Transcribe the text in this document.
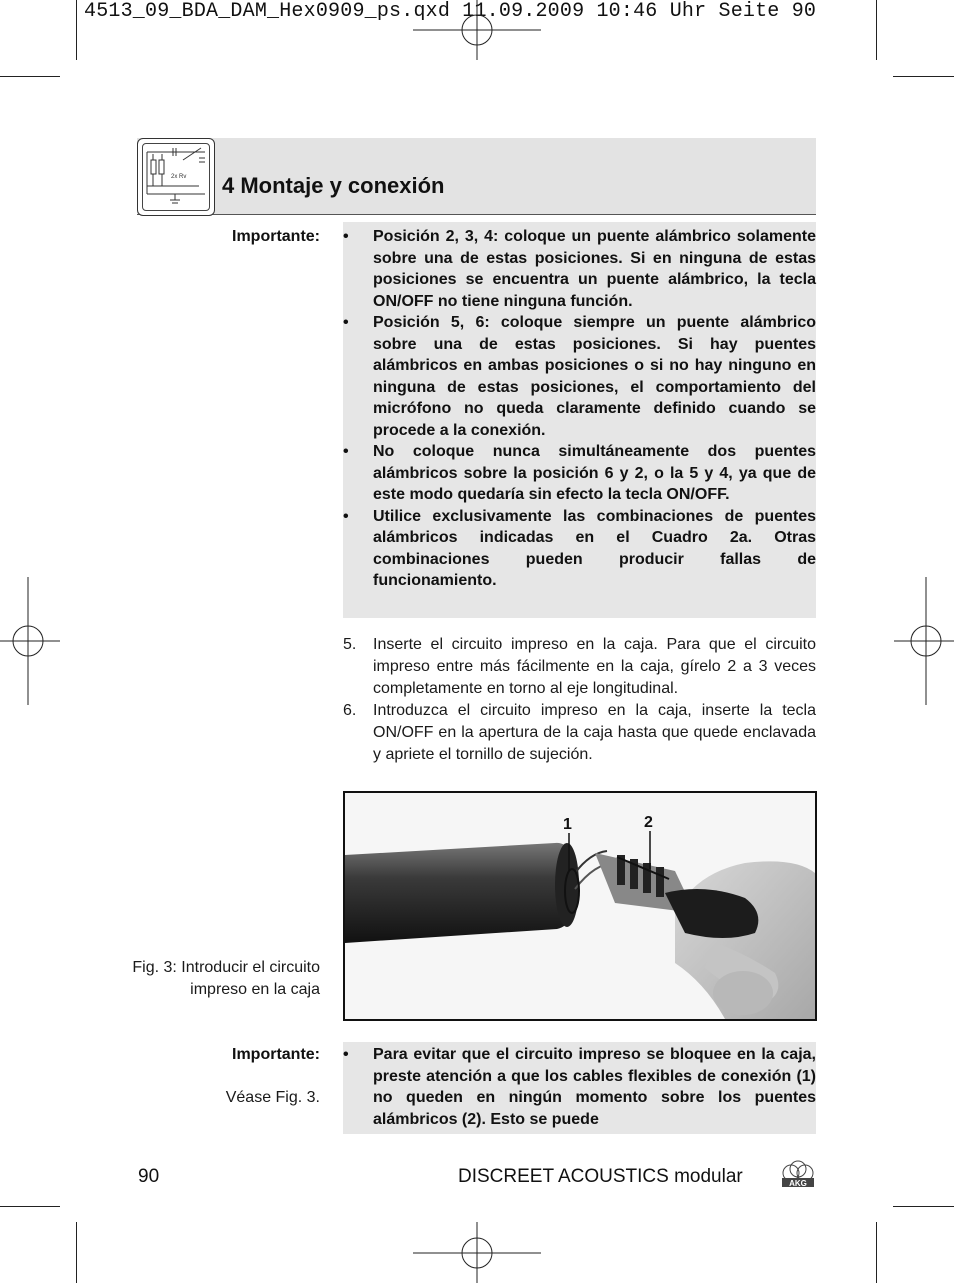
4513_09_BDA_DAM_Hex0909_ps.qxd 11.09.2009 10:46 Uhr Seite 90
2x Rv 4 Montaje y conexión
Importante: • Posición 2, 3, 4: coloque un puente alámbrico solamente sobre una de estas posiciones. Si en ninguna de estas posiciones se encuentra un puente alámbrico, la tecla ON/OFF no tiene ninguna función.
• Posición 5, 6: coloque siempre un puente alámbrico sobre una de estas posiciones. Si hay puentes alámbricos en ambas posiciones o si no hay ninguno en ninguna de estas posiciones, el comportamiento del micrófono no queda claramente definido cuando se procede a la conexión.
• No coloque nunca simultáneamente dos puentes alámbricos sobre la posición 6 y 2, o la 5 y 4, ya que de este modo quedaría sin efecto la tecla ON/OFF.
• Utilice exclusivamente las combinaciones de puentes alámbricos indicadas en el Cuadro 2a. Otras combinaciones pueden producir fallas de funcionamiento.
5. Inserte el circuito impreso en la caja. Para que el circuito impreso entre más fácilmente en la caja, gírelo 2 a 3 veces completamente en torno al eje longitudinal.
6. Introduzca el circuito impreso en la caja, inserte la tecla ON/OFF en la apertura de la caja hasta que quede enclavada y apriete el tornillo de sujeción.
1	2
Fig. 3: Introducir el circuito impreso en la caja
Importante:
Véase Fig. 3.
• Para evitar que el circuito impreso se bloquee en la caja, preste atención a que los cables flexibles de conexión (1) no queden en ningún momento sobre los puentes alámbricos (2). Esto se puede
90	DISCREET ACOUSTICS modular	AKG
